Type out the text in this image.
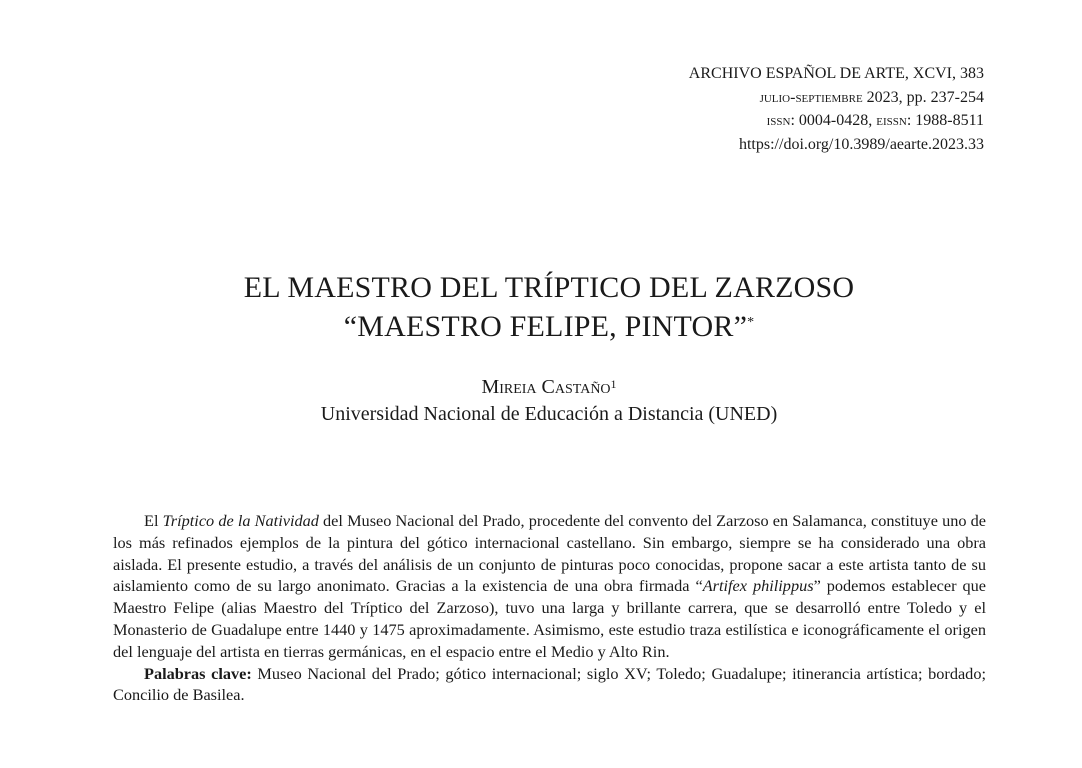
ARCHIVO ESPAÑOL DE ARTE, XCVI, 383
julio-septiembre 2023, pp. 237-254
issn: 0004-0428, eissn: 1988-8511
https://doi.org/10.3989/aearte.2023.33
EL MAESTRO DEL TRÍPTICO DEL ZARZOSO
“MAESTRO FELIPE, PINTOR”*
Mireia Castaño$^1$
Universidad Nacional de Educación a Distancia (UNED)

El Tríptico de la Natividad del Museo Nacional del Prado, procedente del convento del Zarzoso en Salamanca, constituye uno de los más refinados ejemplos de la pintura del gótico internacional castellano. Sin embargo, siempre se ha considerado una obra aislada. El presente estudio, a través del análisis de un conjunto de pinturas poco conocidas, propone sacar a este artista tanto de su aislamiento como de su largo anonimato. Gracias a la existencia de una obra firmada “Artifex philippus” podemos establecer que Maestro Felipe (alias Maestro del Tríptico del Zarzoso), tuvo una larga y brillante carrera, que se desarrolló entre Toledo y el Monasterio de Guadalupe entre 1440 y 1475 aproximadamente. Asimismo, este estudio traza estilística e iconográficamente el origen del lenguaje del artista en tierras germánicas, en el espacio entre el Medio y Alto Rin.

Palabras clave: Museo Nacional del Prado; gótico internacional; siglo XV; Toledo; Guadalupe; itinerancia artística; bordado; Concilio de Basilea.
